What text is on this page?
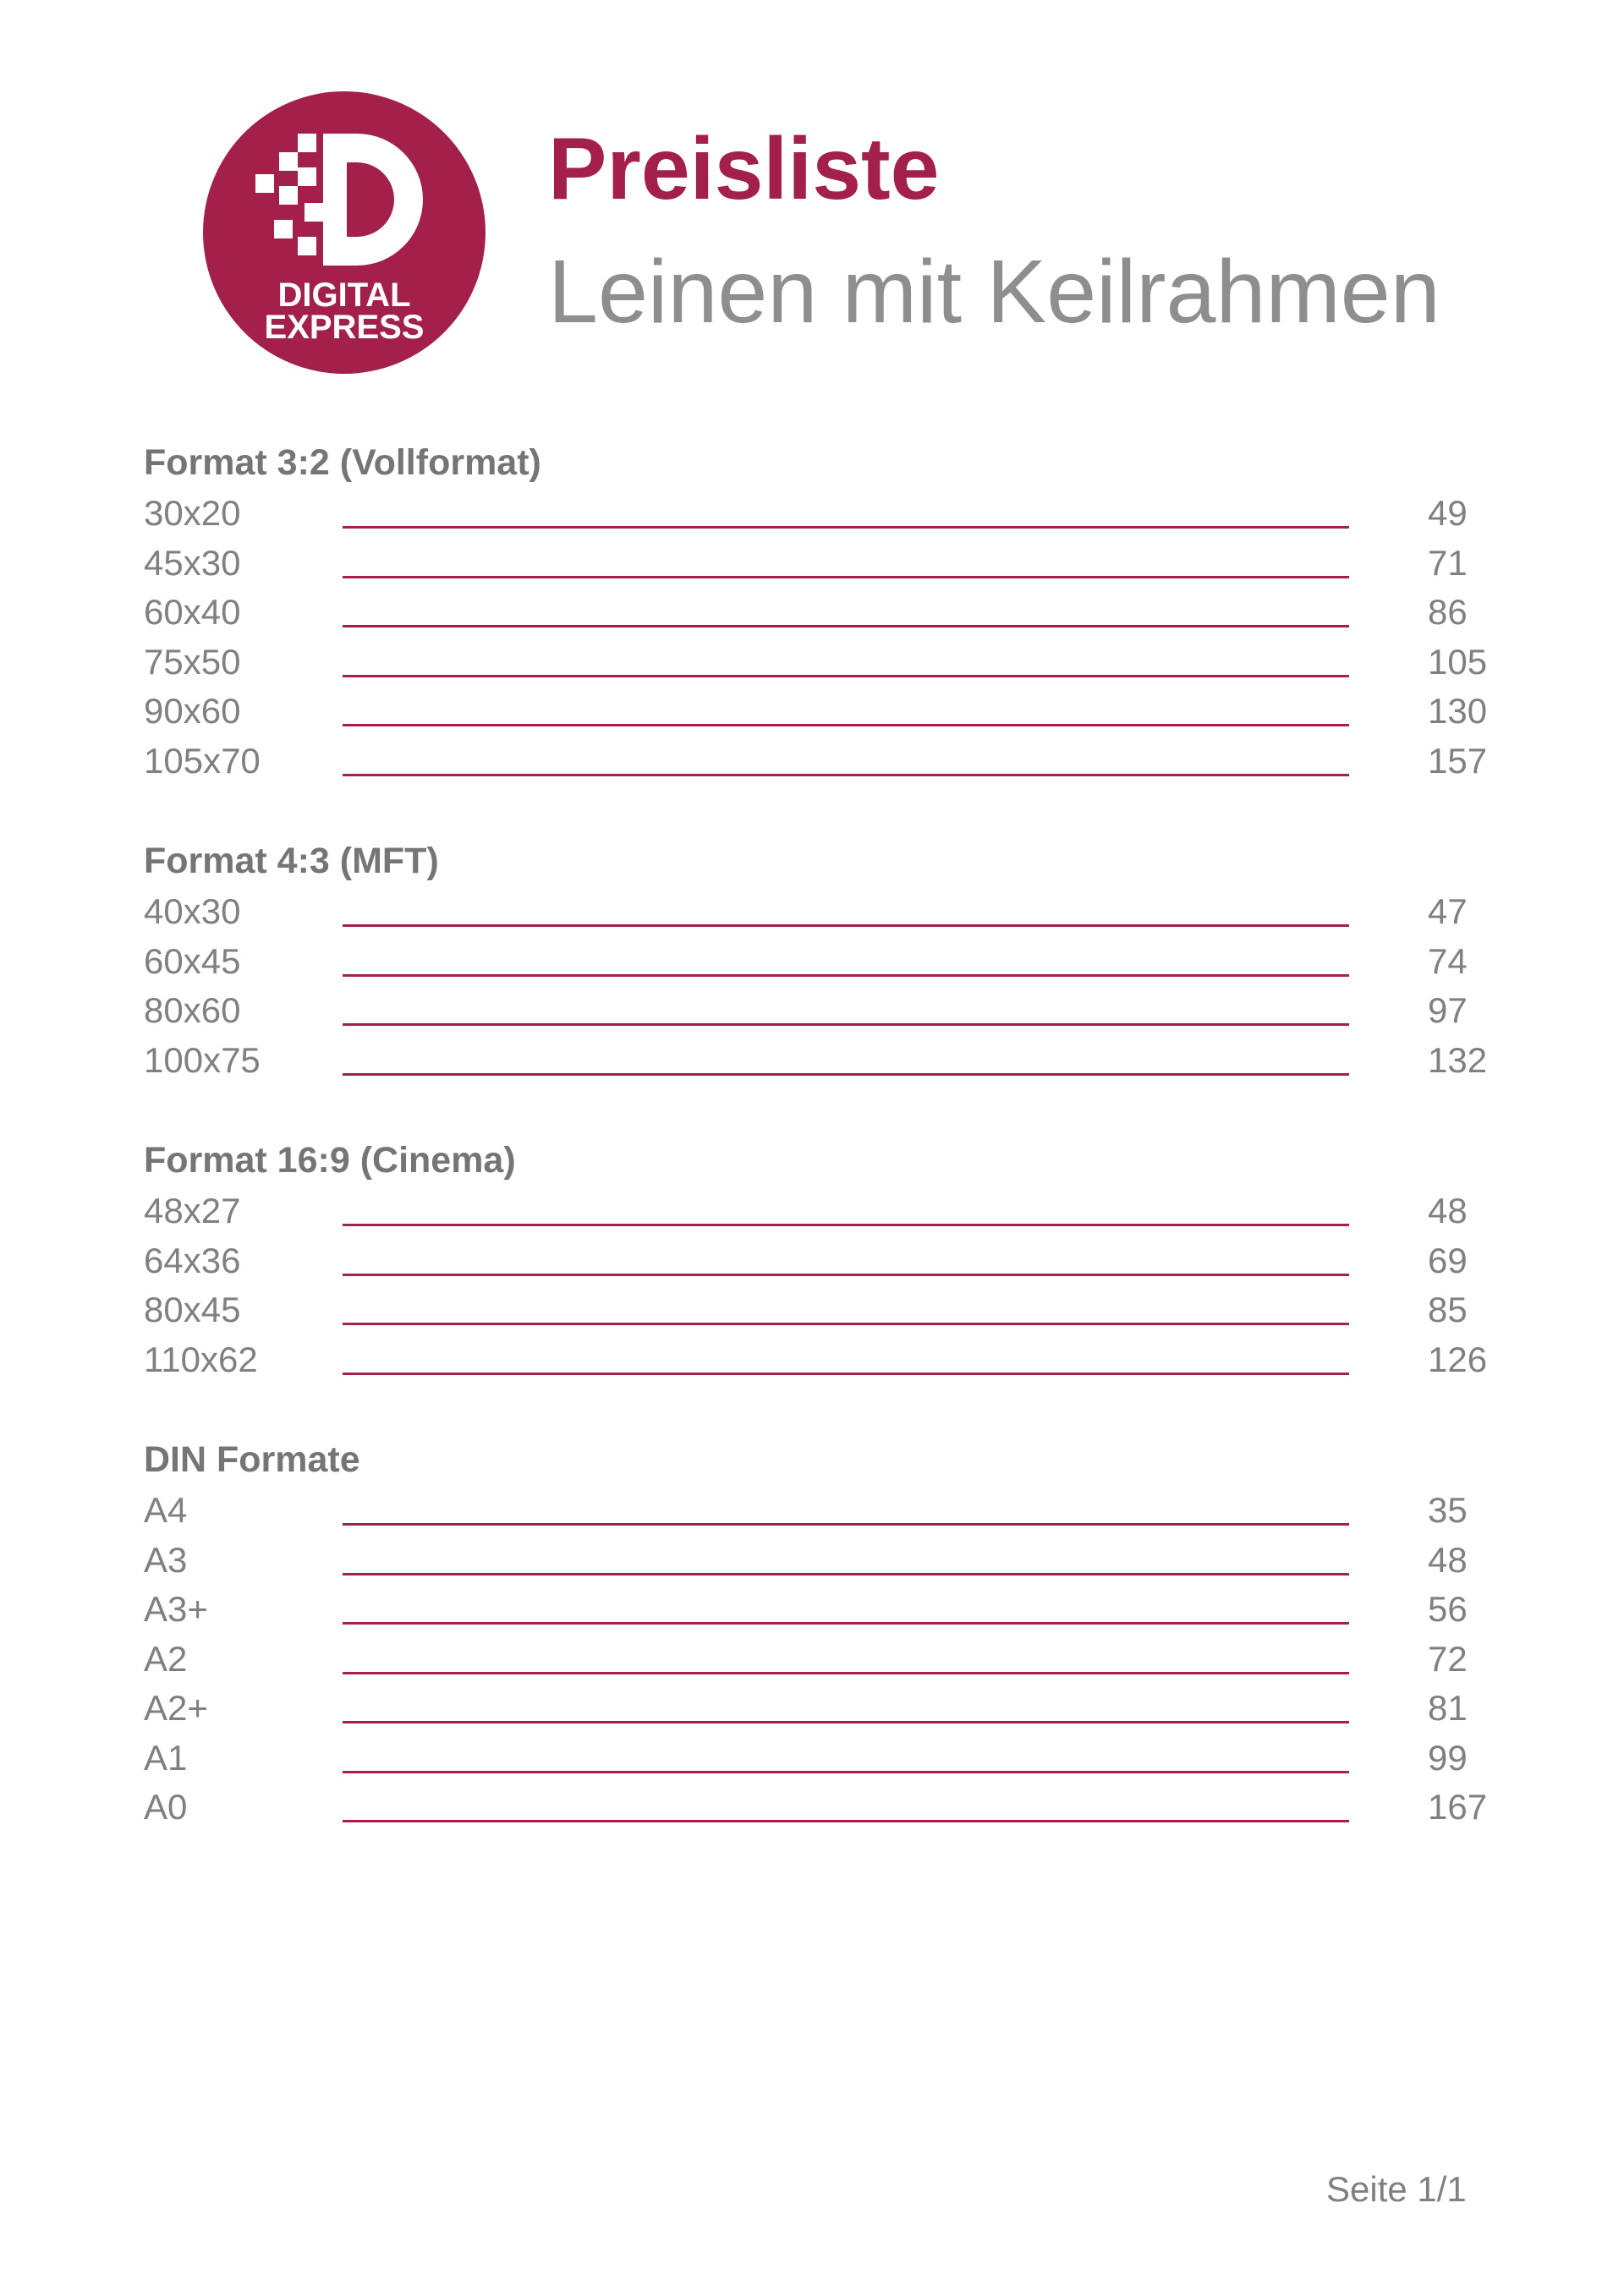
DIGITAL
EXPRESS
Preisliste
Leinen mit Keilrahmen
Format 3:2 (Vollformat)
30x20	49
45x30	71
60x40	86
75x50	105
90x60	130
105x70	157
Format 4:3 (MFT)
40x30	47
60x45	74
80x60	97
100x75	132
Format 16:9 (Cinema)
48x27	48
64x36	69
80x45	85
110x62	126
DIN Formate
A4	35
A3	48
A3+	56
A2	72
A2+	81
A1	99
A0	167
Seite 1/1
